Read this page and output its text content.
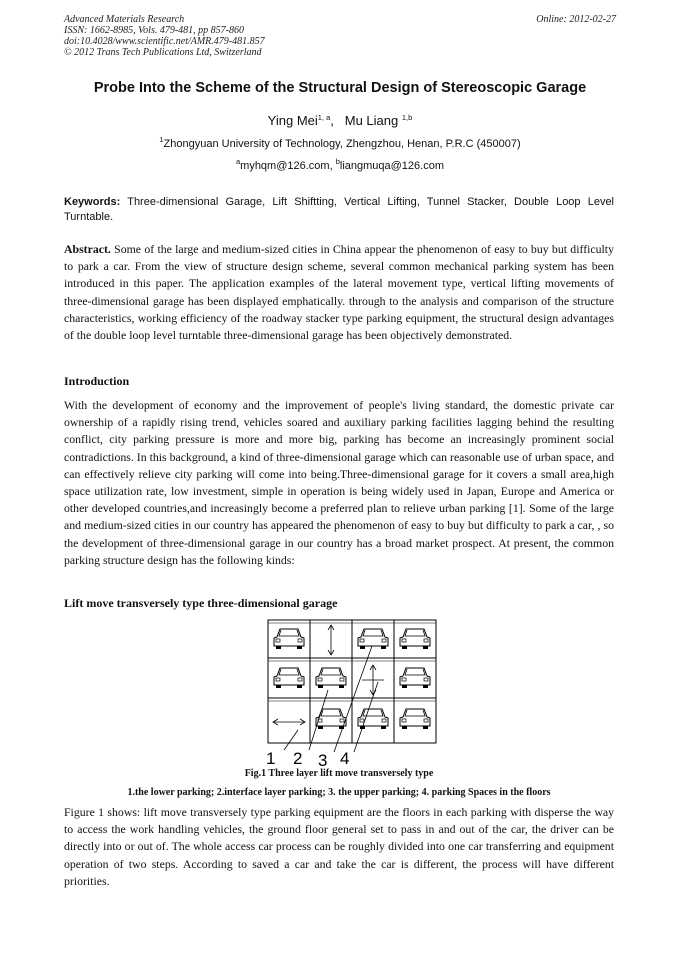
Advanced Materials Research
ISSN: 1662-8985, Vols. 479-481, pp 857-860
doi:10.4028/www.scientific.net/AMR.479-481.857
© 2012 Trans Tech Publications Ltd, Switzerland
Online: 2012-02-27
Probe Into the Scheme of the Structural Design of Stereoscopic Garage
Ying Mei$^{1, a}$, Mu Liang $^{1,b}$
$^1$Zhongyuan University of Technology, Zhengzhou, Henan, P.R.C (450007)
$^a$myhqm@126.com, $^b$liangmuqa@126.com
Keywords: Three-dimensional Garage, Lift Shiftting, Vertical Lifting, Tunnel Stacker, Double Loop Level Turntable.
Abstract. Some of the large and medium-sized cities in China appear the phenomenon of easy to buy but difficulty to park a car. From the view of structure design scheme, several common mechanical parking system has been introduced in this paper. The application examples of the lateral movement type, vertical lifting movements of three-dimensional garage has been displayed emphatically. through to the analysis and comparison of the structure characteristics, working efficiency of the roadway stacker type parking equipment, the structural design advantages of the double loop level turntable three-dimensional garage has been objectively demonstrated.
Introduction
With the development of economy and the improvement of people's living standard, the domestic private car ownership of a rapidly rising trend, vehicles soared and auxiliary parking facilities lagging behind the resulting conflict, city parking pressure is more and more big, parking has become an increasingly prominent social contradictions. In this background, a kind of three-dimensional garage which can reasonable use of urban space, and can effectively relieve city parking will come into being.Three-dimensional garage for it covers a small area,high space utilization rate, low investment, simple in operation is being widely used in Japan, Europe and America or other developed countries,and increasingly become a preferred plan to relieve urban parking [1]. Some of the large and medium-sized cities in our country has appeared the phenomenon of easy to buy but difficulty to park a car, , so the development of three-dimensional garage in our country has a broad market prospect. At present, the common parking structure design has the following kinds:
Lift move transversely type three-dimensional garage
1 2 3 4
Fig.1 Three layer lift move transversely type
1.the lower parking; 2.interface layer parking; 3. the upper parking; 4. parking Spaces in the floors
Figure 1 shows: lift move transversely type parking equipment are the floors in each parking with disperse the way to access the work handling vehicles, the ground floor general set to pass in and out of the car, the driver can be directly into or out of. The whole access car process can be roughly divided into one car transferring and equipment operation of two steps. According to saved a car and take the car is different, the process will have different priorities.
